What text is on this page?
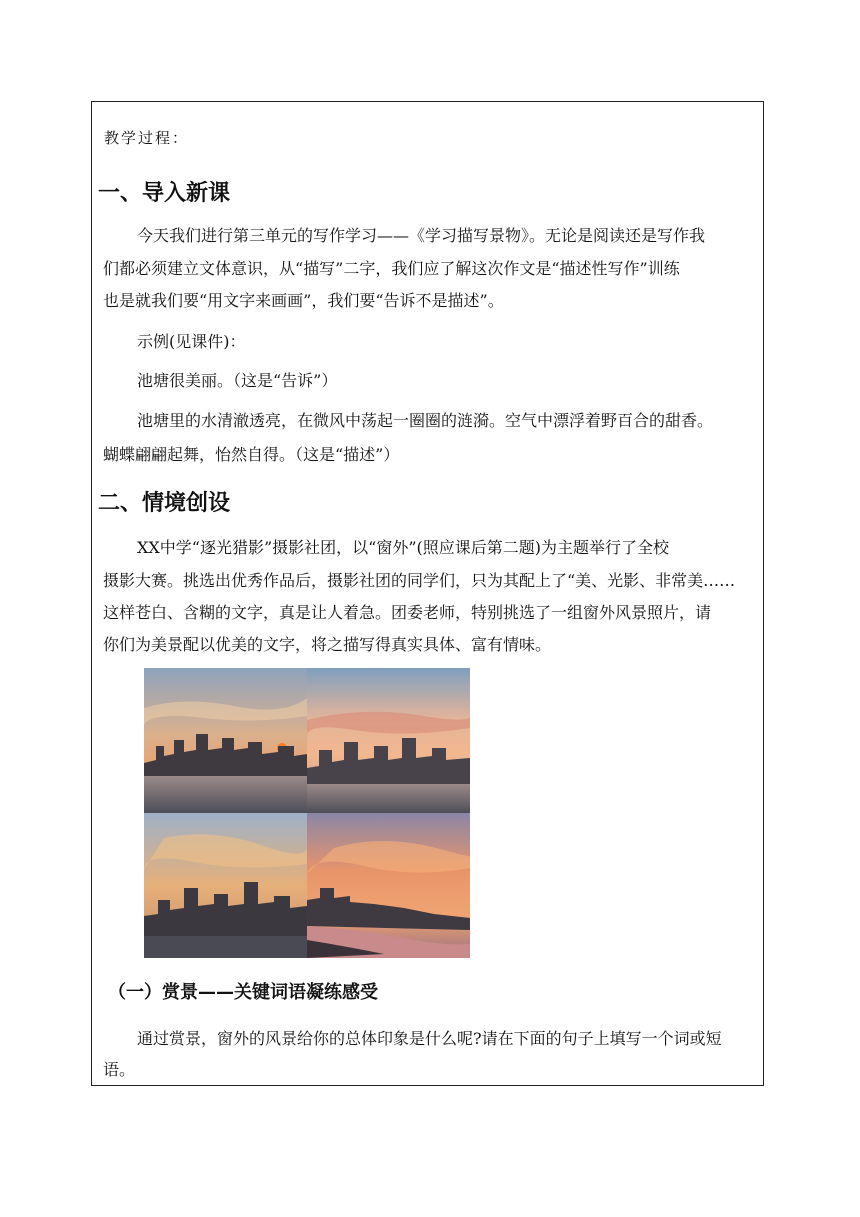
教学过程：
一、导入新课
今天我们进行第三单元的写作学习——《学习描写景物》。无论是阅读还是写作我
们都必须建立文体意识，从“描写”二字，我们应了解这次作文是“描述性写作”训练
也是就我们要“用文字来画画”，我们要“告诉不是描述”。
示例(见课件)：
池塘很美丽。（这是“告诉”）
池塘里的水清澈透亮，在微风中荡起一圈圈的涟漪。空气中漂浮着野百合的甜香。
蝴蝶翩翩起舞，怡然自得。（这是“描述”）
二、情境创设
XX中学“逐光猎影”摄影社团，以“窗外”(照应课后第二题)为主题举行了全校
摄影大赛。挑选出优秀作品后，摄影社团的同学们，只为其配上了“美、光影、非常美……
这样苍白、含糊的文字，真是让人着急。团委老师，特别挑选了一组窗外风景照片，请
你们为美景配以优美的文字，将之描写得真实具体、富有情味。
（一）赏景——关键词语凝练感受
通过赏景，窗外的风景给你的总体印象是什么呢?请在下面的句子上填写一个词或短
语。
